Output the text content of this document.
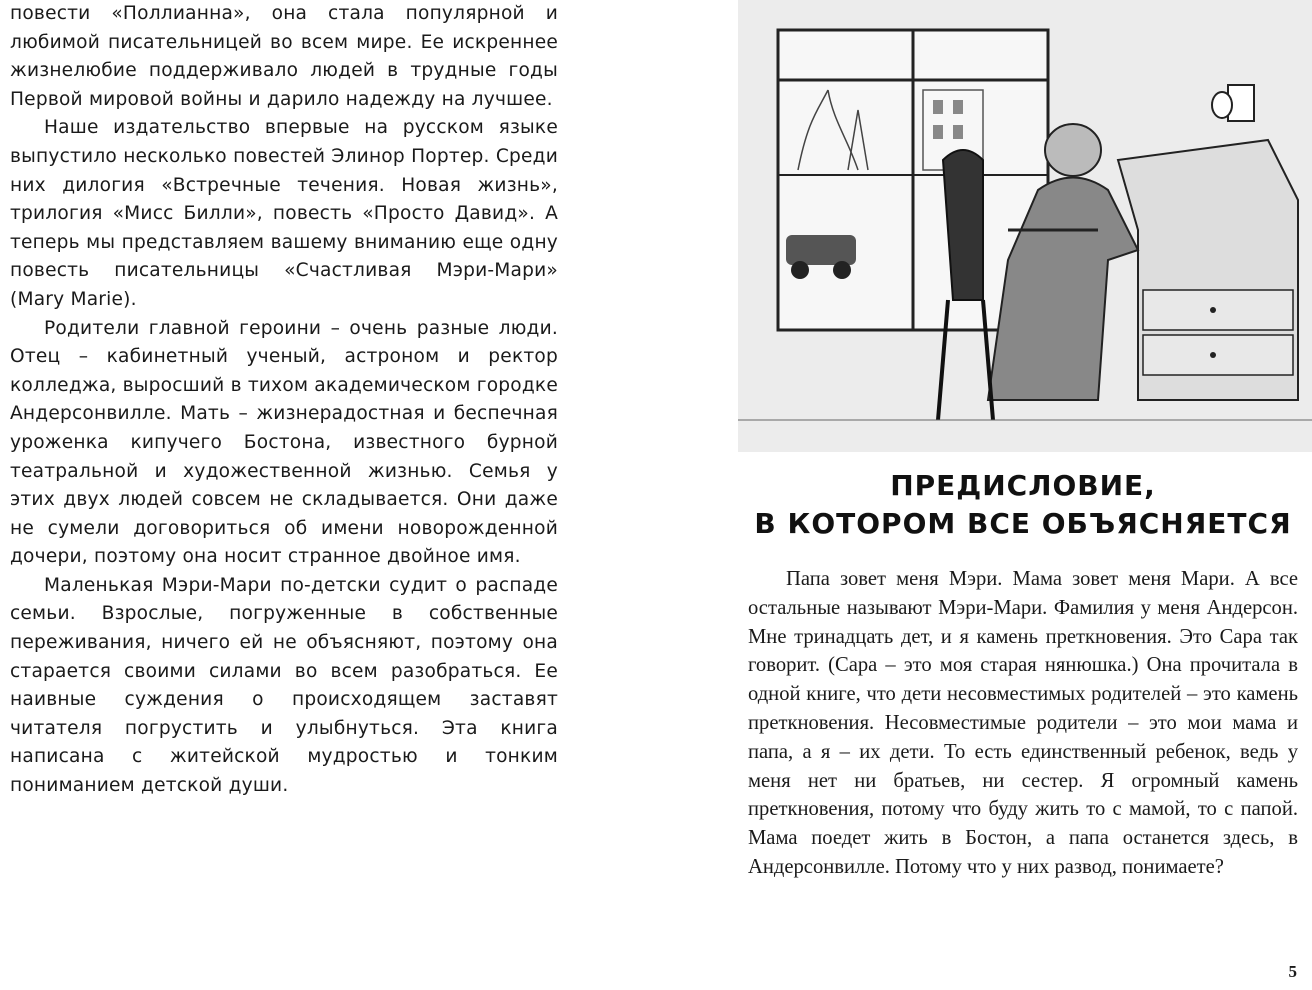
повести «Поллианна», она стала популярной и любимой писательницей во всем мире. Ее искреннее жизнелюбие поддерживало людей в трудные годы Первой мировой войны и дарило надежду на лучшее.

Наше издательство впервые на русском языке выпустило несколько повестей Элинор Портер. Среди них дилогия «Встречные течения. Новая жизнь», трилогия «Мисс Билли», повесть «Просто Давид». А теперь мы представляем вашему вниманию еще одну повесть писательницы «Счастливая Мэри-Мари» (Mary Marie).

Родители главной героини – очень разные люди. Отец – кабинетный ученый, астроном и ректор колледжа, выросший в тихом академическом городке Андерсонвилле. Мать – жизнерадостная и беспечная уроженка кипучего Бостона, известного бурной театральной и художественной жизнью. Семья у этих двух людей совсем не складывается. Они даже не сумели договориться об имени новорожденной дочери, поэтому она носит странное двойное имя.

Маленькая Мэри-Мари по-детски судит о распаде семьи. Взрослые, погруженные в собственные переживания, ничего ей не объясняют, поэтому она старается своими силами во всем разобраться. Ее наивные суждения о происходящем заставят читателя погрустить и улыбнуться. Эта книга написана с житейской мудростью и тонким пониманием детской души.

ПРЕДИСЛОВИЕ,
В КОТОРОМ ВСЕ ОБЪЯСНЯЕТСЯ

Папа зовет меня Мэри. Мама зовет меня Мари. А все остальные называют Мэри-Мари. Фамилия у меня Андерсон. Мне тринадцать дет, и я камень преткновения. Это Сара так говорит. (Сара – это моя старая нянюшка.) Она прочитала в одной книге, что дети несовместимых родителей – это камень преткновения. Несовместимые родители – это мои мама и папа, а я – их дети. То есть единственный ребенок, ведь у меня нет ни братьев, ни сестер. Я огромный камень преткновения, потому что буду жить то с мамой, то с папой. Мама поедет жить в Бостон, а папа останется здесь, в Андерсонвилле. Потому что у них развод, понимаете?

5
